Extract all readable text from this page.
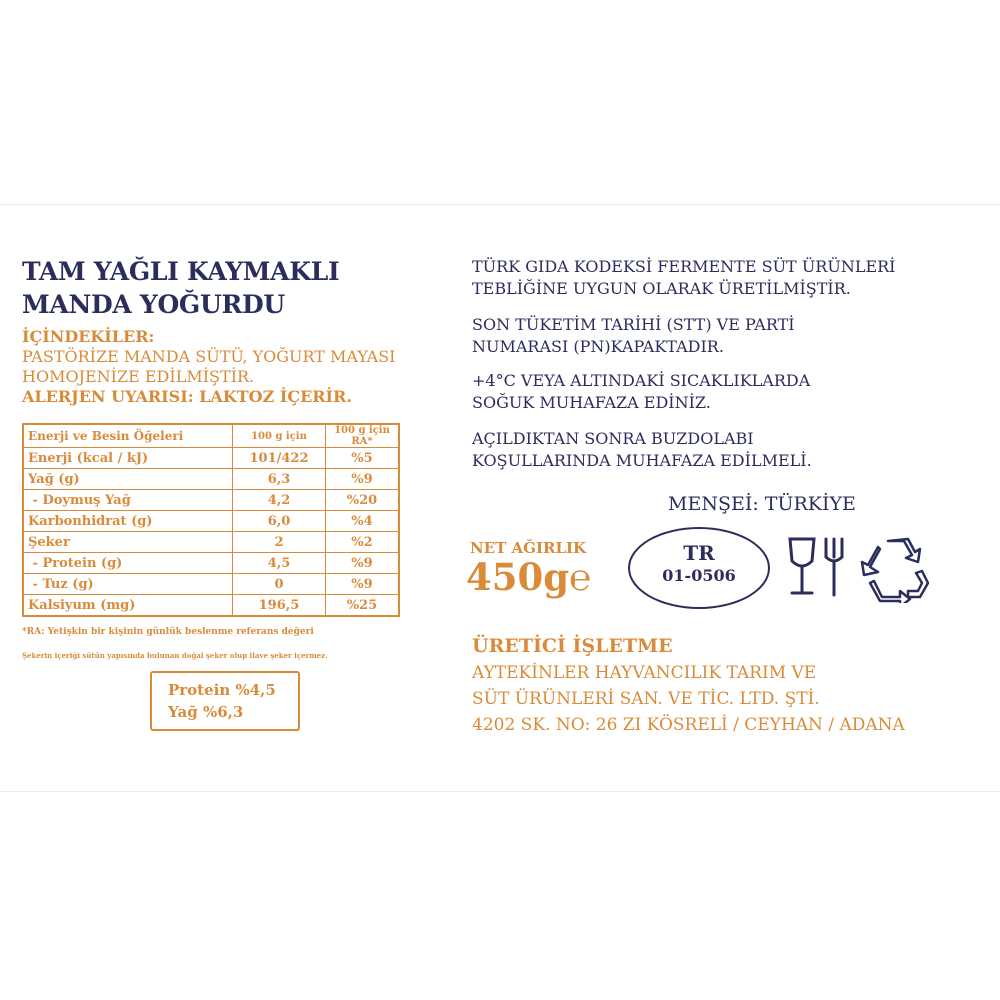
TAM YAĞLI KAYMAKLI
MANDA YOĞURDU
İÇİNDEKİLER:
PASTÖRİZE MANDA SÜTÜ, YOĞURT MAYASI
HOMOJENİZE EDİLMİŞTİR.
ALERJEN UYARISI: LAKTOZ İÇERİR.
Enerji ve Besin Öğeleri	100 g için	100 g için RA*
Enerji (kcal / kJ)	101/422	%5
Yağ (g)	6,3	%9
- Doymuş Yağ	4,2	%20
Karbonhidrat (g)	6,0	%4
Şeker	2	%2
- Protein (g)	4,5	%9
- Tuz (g)	0	%9
Kalsiyum (mg)	196,5	%25
*RA: Yetişkin bir kişinin günlük beslenme referans değeri
Şekerin içeriği sütün yapısında bulunan doğal şeker olup ilave şeker içermez.
Protein %4,5
Yağ %6,3
TÜRK GIDA KODEKSİ FERMENTE SÜT ÜRÜNLERİ
TEBLİĞİNE UYGUN OLARAK ÜRETİLMİŞTİR.
SON TÜKETİM TARİHİ (STT) VE PARTİ
NUMARASI (PN)KAPAKTADIR.
+4°C VEYA ALTINDAKİ SICAKLIKLARDA
SOĞUK MUHAFAZA EDİNİZ.
AÇILDIKTAN SONRA BUZDOLABI
KOŞULLARINDA MUHAFAZA EDİLMELİ.
MENŞEİ: TÜRKİYE
NET AĞIRLIK
450g℮
TR
01-0506
ÜRETİCİ İŞLETME
AYTEKİNLER HAYVANCILIK TARIM VE
SÜT ÜRÜNLERİ SAN. VE TİC. LTD. ŞTİ.
4202 SK. NO: 26 ZI KÖSRELİ / CEYHAN / ADANA
